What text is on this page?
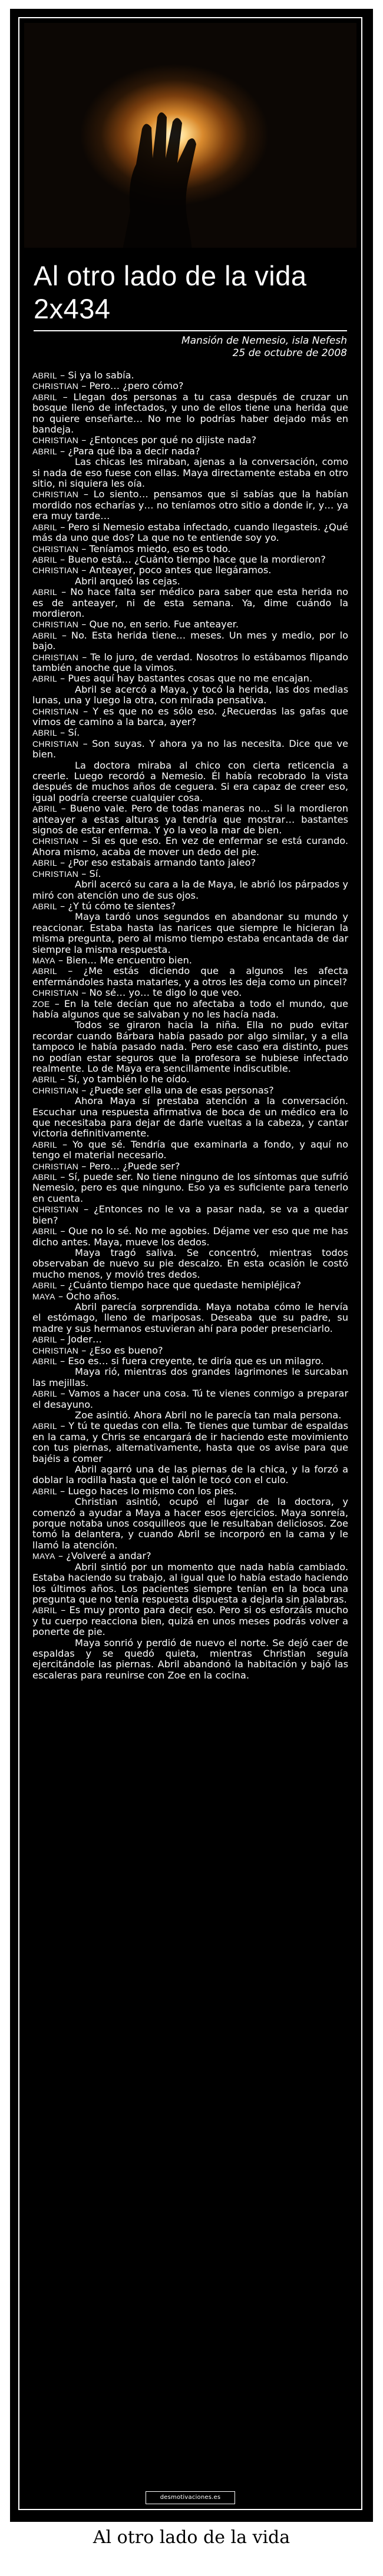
Al otro lado de la vida 2x434
Mansión de Nemesio, isla Nefesh
25 de octubre de 2008

ABRIL – Si ya lo sabía.

CHRISTIAN – Pero… ¿pero cómo?

ABRIL – Llegan dos personas a tu casa después de cruzar un bosque lleno de infectados, y uno de ellos tiene una herida que no quiere enseñarte… No me lo podrías haber dejado más en bandeja.

CHRISTIAN – ¿Entonces por qué no dijiste nada?

ABRIL – ¿Para qué iba a decir nada?

Las chicas les miraban, ajenas a la conversación, como si nada de eso fuese con ellas. Maya directamente estaba en otro sitio, ni siquiera les oía.

CHRISTIAN – Lo siento… pensamos que si sabías que la habían mordido nos echarías y… no teníamos otro sitio a donde ir, y… ya era muy tarde…

ABRIL – Pero si Nemesio estaba infectado, cuando llegasteis. ¿Qué más da uno que dos? La que no te entiende soy yo.

CHRISTIAN – Teníamos miedo, eso es todo.

ABRIL – Bueno está… ¿Cuánto tiempo hace que la mordieron?

CHRISTIAN – Anteayer, poco antes que llegáramos.

Abril arqueó las cejas.

ABRIL – No hace falta ser médico para saber que esta herida no es de anteayer, ni de esta semana. Ya, dime cuándo la mordieron.

CHRISTIAN – Que no, en serio. Fue anteayer.

ABRIL – No. Esta herida tiene… meses. Un mes y medio, por lo bajo.

CHRISTIAN – Te lo juro, de verdad. Nosotros lo estábamos flipando también anoche que la vimos.

ABRIL – Pues aquí hay bastantes cosas que no me encajan.

Abril se acercó a Maya, y tocó la herida, las dos medias lunas, una y luego la otra, con mirada pensativa.

CHRISTIAN – Y es que no es sólo eso. ¿Recuerdas las gafas que vimos de camino a la barca, ayer?

ABRIL – Sí.

CHRISTIAN – Son suyas. Y ahora ya no las necesita. Dice que ve bien.

La doctora miraba al chico con cierta reticencia a creerle. Luego recordó a Nemesio. Él había recobrado la vista después de muchos años de ceguera. Si era capaz de creer eso, igual podría creerse cualquier cosa.

ABRIL – Bueno vale. Pero de todas maneras no… Si la mordieron anteayer a estas alturas ya tendría que mostrar… bastantes signos de estar enferma. Y yo la veo la mar de bien.

CHRISTIAN – Si es que eso. En vez de enfermar se está curando. Ahora mismo, acaba de mover un dedo del pie.

ABRIL – ¿Por eso estabais armando tanto jaleo?

CHRISTIAN – Sí.

Abril acercó su cara a la de Maya, le abrió los párpados y miró con atención uno de sus ojos.

ABRIL – ¿Y tú cómo te sientes?

Maya tardó unos segundos en abandonar su mundo y reaccionar. Estaba hasta las narices que siempre le hicieran la misma pregunta, pero al mismo tiempo estaba encantada de dar siempre la misma respuesta.

MAYA – Bien… Me encuentro bien.

ABRIL – ¿Me estás diciendo que a algunos les afecta enfermándoles hasta matarles, y a otros les deja como un pincel?

CHRISTIAN – No sé… yo… te digo lo que veo.

ZOE – En la tele decían que no afectaba a todo el mundo, que había algunos que se salvaban y no les hacía nada.

Todos se giraron hacia la niña. Ella no pudo evitar recordar cuando Bárbara había pasado por algo similar, y a ella tampoco le había pasado nada. Pero ese caso era distinto, pues no podían estar seguros que la profesora se hubiese infectado realmente. Lo de Maya era sencillamente indiscutible.

ABRIL – Sí, yo también lo he oído.

CHRISTIAN – ¿Puede ser ella una de esas personas?

Ahora Maya sí prestaba atención a la conversación. Escuchar una respuesta afirmativa de boca de un médico era lo que necesitaba para dejar de darle vueltas a la cabeza, y cantar victoria definitivamente.

ABRIL – Yo que sé. Tendría que examinarla a fondo, y aquí no tengo el material necesario.

CHRISTIAN – Pero… ¿Puede ser?

ABRIL – Sí, puede ser. No tiene ninguno de los síntomas que sufrió Nemesio, pero es que ninguno. Eso ya es suficiente para tenerlo en cuenta.

CHRISTIAN – ¿Entonces no le va a pasar nada, se va a quedar bien?

ABRIL – Que no lo sé. No me agobies. Déjame ver eso que me has dicho antes. Maya, mueve los dedos.

Maya tragó saliva. Se concentró, mientras todos observaban de nuevo su pie descalzo. En esta ocasión le costó mucho menos, y movió tres dedos.

ABRIL – ¿Cuánto tiempo hace que quedaste hemipléjica?

MAYA – Ocho años.

Abril parecía sorprendida. Maya notaba cómo le hervía el estómago, lleno de mariposas. Deseaba que su padre, su madre y sus hermanos estuvieran ahí para poder presenciarlo.

ABRIL – Joder…

CHRISTIAN – ¿Eso es bueno?

ABRIL – Eso es… si fuera creyente, te diría que es un milagro.

Maya rió, mientras dos grandes lagrimones le surcaban las mejillas.

ABRIL – Vamos a hacer una cosa. Tú te vienes conmigo a preparar el desayuno.

Zoe asintió. Ahora Abril no le parecía tan mala persona.

ABRIL – Y tú te quedas con ella. Te tienes que tumbar de espaldas en la cama, y Chris se encargará de ir haciendo este movimiento con tus piernas, alternativamente, hasta que os avise para que bajéis a comer

Abril agarró una de las piernas de la chica, y la forzó a doblar la rodilla hasta que el talón le tocó con el culo.

ABRIL – Luego haces lo mismo con los pies.

Christian asintió, ocupó el lugar de la doctora, y comenzó a ayudar a Maya a hacer esos ejercicios. Maya sonreía, porque notaba unos cosquilleos que le resultaban deliciosos. Zoe tomó la delantera, y cuando Abril se incorporó en la cama y le llamó la atención.

MAYA – ¿Volveré a andar?

Abril sintió por un momento que nada había cambiado. Estaba haciendo su trabajo, al igual que lo había estado haciendo los últimos años. Los pacientes siempre tenían en la boca una pregunta que no tenía respuesta dispuesta a dejarla sin palabras.

ABRIL – Es muy pronto para decir eso. Pero si os esforzáis mucho y tu cuerpo reacciona bien, quizá en unos meses podrás volver a ponerte de pie.

Maya sonrió y perdió de nuevo el norte. Se dejó caer de espaldas y se quedó quieta, mientras Christian seguía ejercitándole las piernas. Abril abandonó la habitación y bajó las escaleras para reunirse con Zoe en la cocina.

desmotivaciones.es
Al otro lado de la vida
